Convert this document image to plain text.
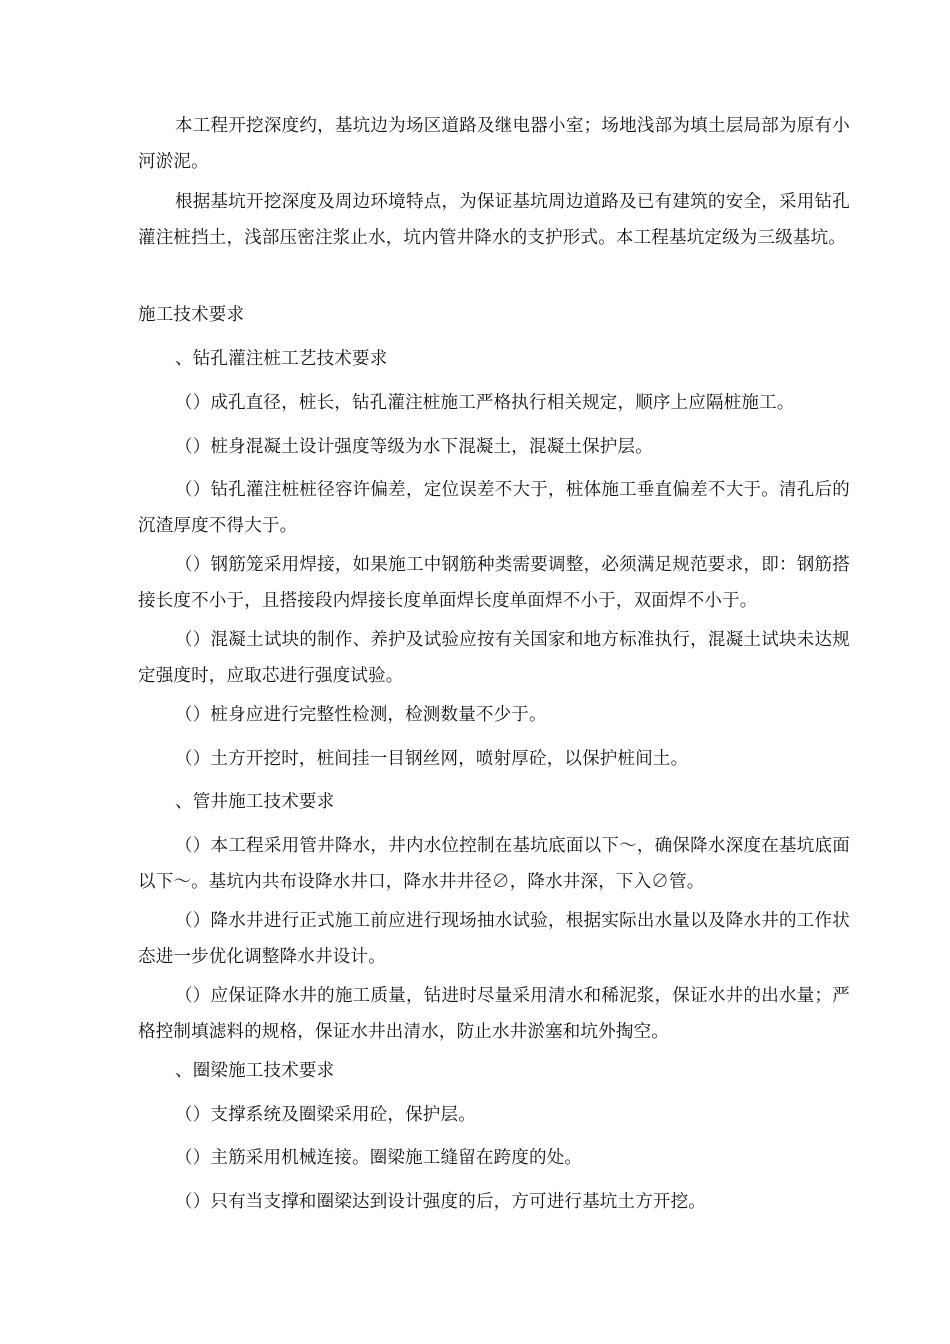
本工程开挖深度约，基坑边为场区道路及继电器小室；场地浅部为填土层局部为原有小河淤泥。

根据基坑开挖深度及周边环境特点，为保证基坑周边道路及已有建筑的安全，采用钻孔灌注桩挡土，浅部压密注浆止水，坑内管井降水的支护形式。本工程基坑定级为三级基坑。

施工技术要求

、钻孔灌注桩工艺技术要求

（）成孔直径，桩长，钻孔灌注桩施工严格执行相关规定，顺序上应隔桩施工。

（）桩身混凝土设计强度等级为水下混凝土，混凝土保护层。

（）钻孔灌注桩桩径容许偏差，定位误差不大于，桩体施工垂直偏差不大于。清孔后的沉渣厚度不得大于。

（）钢筋笼采用焊接，如果施工中钢筋种类需要调整，必须满足规范要求，即：钢筋搭接长度不小于，且搭接段内焊接长度单面焊长度单面焊不小于，双面焊不小于。

（）混凝土试块的制作、养护及试验应按有关国家和地方标准执行，混凝土试块未达规定强度时，应取芯进行强度试验。

（）桩身应进行完整性检测，检测数量不少于。

（）土方开挖时，桩间挂一目钢丝网，喷射厚砼，以保护桩间土。

、管井施工技术要求

（）本工程采用管井降水，井内水位控制在基坑底面以下～，确保降水深度在基坑底面以下～。基坑内共布设降水井口，降水井井径∅，降水井深，下入∅管。

（）降水井进行正式施工前应进行现场抽水试验，根据实际出水量以及降水井的工作状态进一步优化调整降水井设计。

（）应保证降水井的施工质量，钻进时尽量采用清水和稀泥浆，保证水井的出水量；严格控制填滤料的规格，保证水井出清水，防止水井淤塞和坑外掏空。

、圈梁施工技术要求

（）支撑系统及圈梁采用砼，保护层。

（）主筋采用机械连接。圈梁施工缝留在跨度的处。

（）只有当支撑和圈梁达到设计强度的后，方可进行基坑土方开挖。
